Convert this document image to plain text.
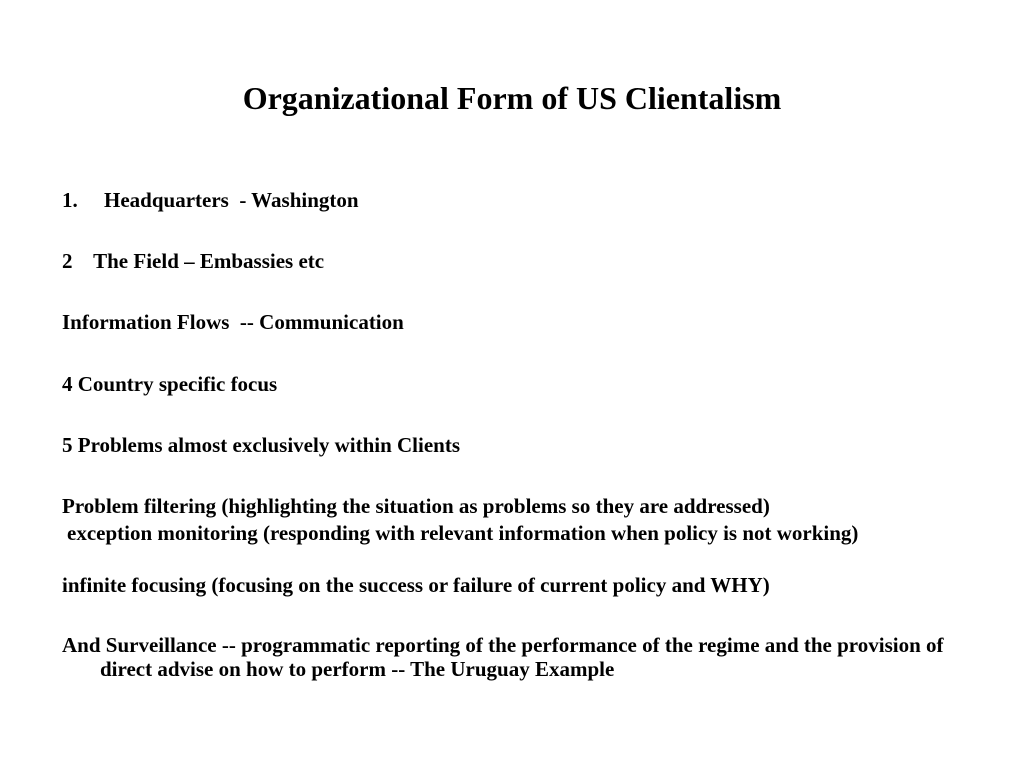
Organizational Form of US Clientalism

1.     Headquarters  - Washington

2    The Field – Embassies etc

Information Flows  -- Communication

4 Country specific focus

5 Problems almost exclusively within Clients

Problem filtering (highlighting the situation as problems so they are addressed)

exception monitoring (responding with relevant information when policy is not working)

infinite focusing (focusing on the success or failure of current policy and WHY)

And Surveillance -- programmatic reporting of the performance of the regime and the provision of direct advise on how to perform -- The Uruguay Example
